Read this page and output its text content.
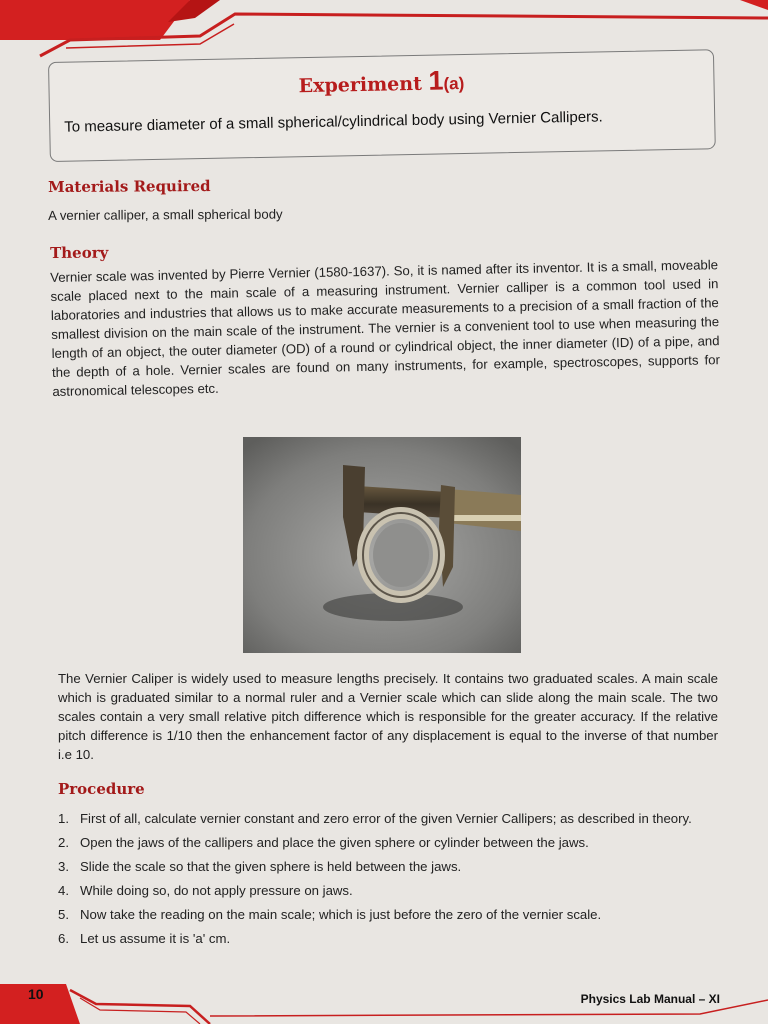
Experiment 1(a)
To measure diameter of a small spherical/cylindrical body using Vernier Callipers.
Materials Required
A vernier calliper, a small spherical body
Theory
Vernier scale was invented by Pierre Vernier (1580-1637). So, it is named after its inventor. It is a small, moveable scale placed next to the main scale of a measuring instrument. Vernier calliper is a common tool used in laboratories and industries that allows us to make accurate measurements to a precision of a small fraction of the smallest division on the main scale of the instrument. The vernier is a convenient tool to use when measuring the length of an object, the outer diameter (OD) of a round or cylindrical object, the inner diameter (ID) of a pipe, and the depth of a hole. Vernier scales are found on many instruments, for example, spectroscopes, supports for astronomical telescopes etc.
The Vernier Caliper is widely used to measure lengths precisely. It contains two graduated scales. A main scale which is graduated similar to a normal ruler and a Vernier scale which can slide along the main scale. The two scales contain a very small relative pitch difference which is responsible for the greater accuracy. If the relative pitch difference is 1/10 then the enhancement factor of any displacement is equal to the inverse of that number i.e 10.
Procedure
1. First of all, calculate vernier constant and zero error of the given Vernier Callipers; as described in theory.
2. Open the jaws of the callipers and place the given sphere or cylinder between the jaws.
3. Slide the scale so that the given sphere is held between the jaws.
4. While doing so, do not apply pressure on jaws.
5. Now take the reading on the main scale; which is just before the zero of the vernier scale.
6. Let us assume it is 'a' cm.
10	Physics Lab Manual – XI
